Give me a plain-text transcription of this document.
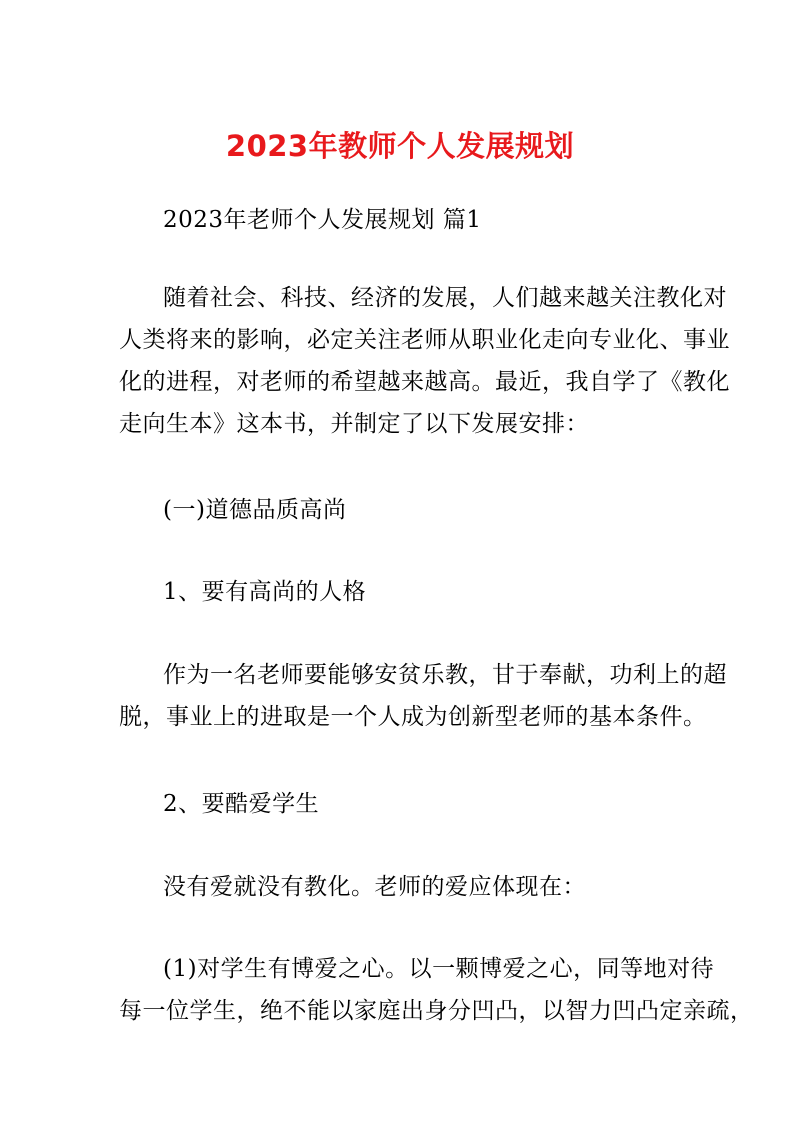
2023年教师个人发展规划

2023年老师个人发展规划 篇1

随着社会、科技、经济的发展，人们越来越关注教化对
人类将来的影响，必定关注老师从职业化走向专业化、事业
化的进程，对老师的希望越来越高。最近，我自学了《教化
走向生本》这本书，并制定了以下发展安排：

(一)道德品质高尚

1、要有高尚的人格

作为一名老师要能够安贫乐教，甘于奉献，功利上的超
脱，事业上的进取是一个人成为创新型老师的基本条件。

2、要酷爱学生

没有爱就没有教化。老师的爱应体现在：

(1)对学生有博爱之心。以一颗博爱之心，同等地对待
每一位学生，绝不能以家庭出身分凹凸，以智力凹凸定亲疏，
